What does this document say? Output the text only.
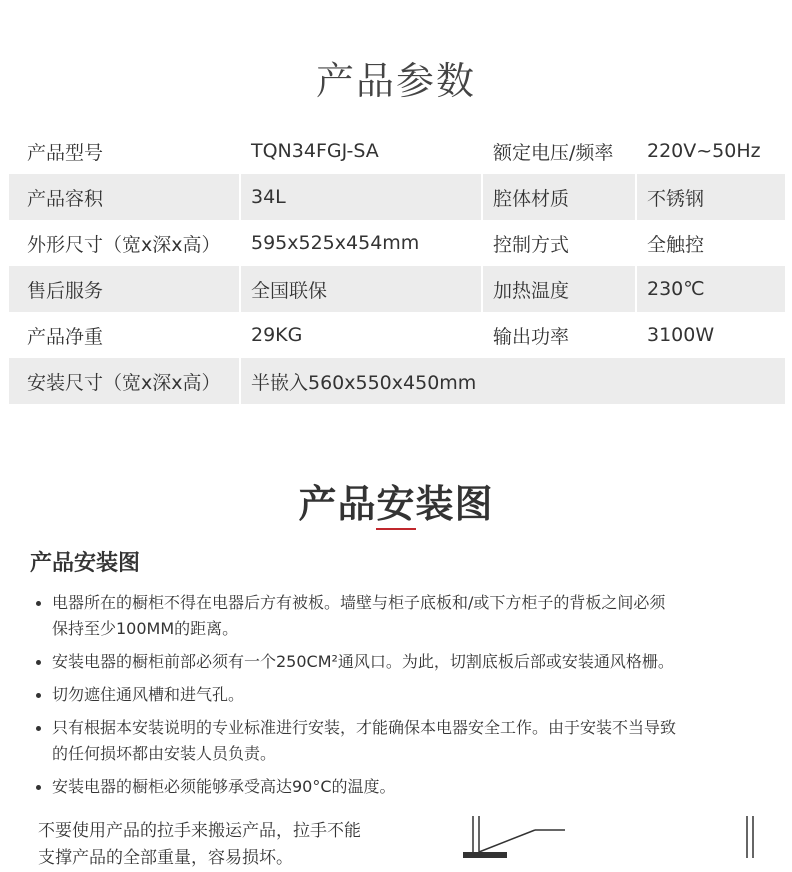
产品参数
产品型号	TQN34FGJ-SA	额定电压/频率	220V~50Hz
产品容积	34L	腔体材质	不锈钢
外形尺寸（宽x深x高）	595x525x454mm	控制方式	全触控
售后服务	全国联保	加热温度	230℃
产品净重	29KG	输出功率	3100W
安装尺寸（宽x深x高）	半嵌入560x550x450mm		
产品安装图
产品安装图
电器所在的橱柜不得在电器后方有被板。墙壁与柜子底板和/或下方柜子的背板之间必须
保持至少100MM的距离。
安装电器的橱柜前部必须有一个250CM²通风口。为此，切割底板后部或安装通风格栅。
切勿遮住通风槽和进气孔。
只有根据本安装说明的专业标准进行安装，才能确保本电器安全工作。由于安装不当导致
的任何损坏都由安装人员负责。
安装电器的橱柜必须能够承受高达90°C的温度。
不要使用产品的拉手来搬运产品，拉手不能
支撑产品的全部重量，容易损坏。
